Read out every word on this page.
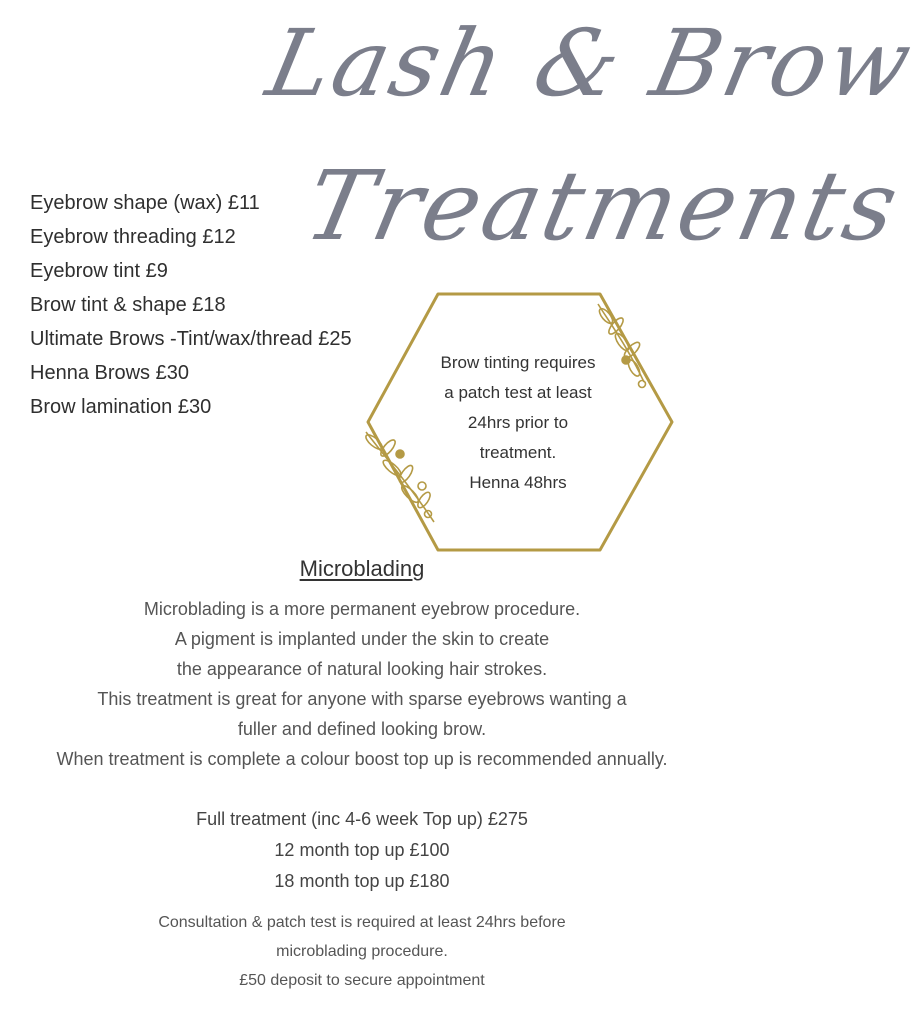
Lash & Brow
Treatments
Eyebrow shape (wax) £11
Eyebrow threading £12
Eyebrow tint £9
Brow tint & shape £18
Ultimate Brows -Tint/wax/thread £25
Henna Brows £30
Brow lamination £30
Brow tinting requires
a patch test at least
24hrs prior to
treatment.
Henna 48hrs
Microblading
Microblading is a more permanent eyebrow procedure.
A pigment is implanted under the skin to create
the appearance of natural looking hair strokes.
This treatment is great for anyone with sparse eyebrows wanting a
fuller and defined looking brow.
When treatment is complete a colour boost top up is recommended annually.
Full treatment (inc 4-6 week Top up) £275
12 month top up £100
18 month top up £180
Consultation & patch test is required at least 24hrs before
microblading procedure.
£50 deposit to secure appointment
